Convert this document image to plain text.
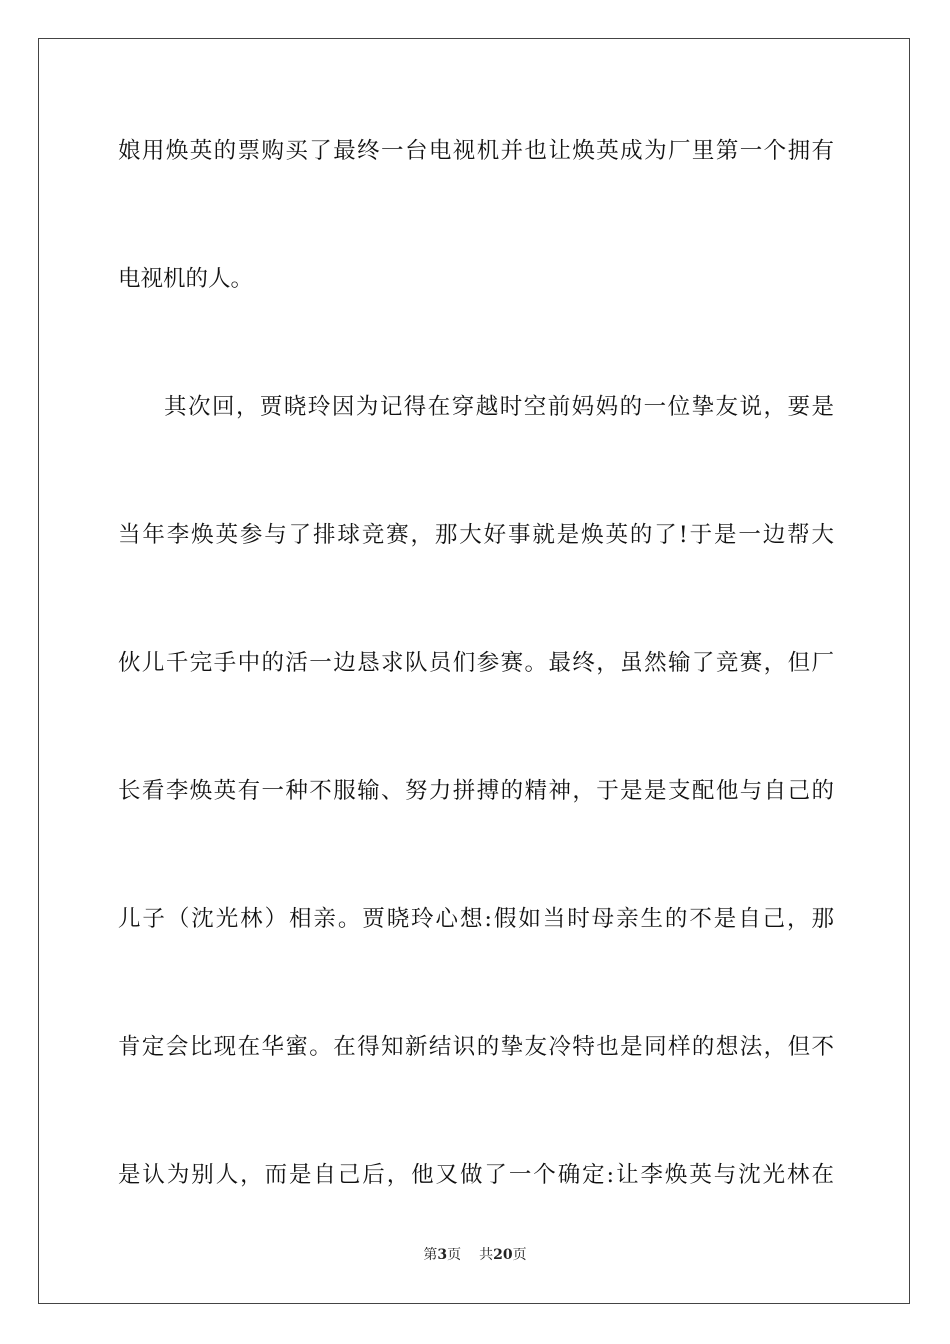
娘用焕英的票购买了最终一台电视机并也让焕英成为厂里第一个拥有
电视机的人。
其次回，贾晓玲因为记得在穿越时空前妈妈的一位挚友说，要是
当年李焕英参与了排球竞赛，那大好事就是焕英的了!于是一边帮大
伙儿千完手中的活一边恳求队员们参赛。最终，虽然输了竞赛，但厂
长看李焕英有一种不服输、努力拼搏的精神，于是是支配他与自己的
儿子（沈光林）相亲。贾晓玲心想:假如当时母亲生的不是自己，那
肯定会比现在华蜜。在得知新结识的挚友冷特也是同样的想法，但不
是认为别人，而是自己后，他又做了一个确定:让李焕英与沈光林在
第3页 共20页
